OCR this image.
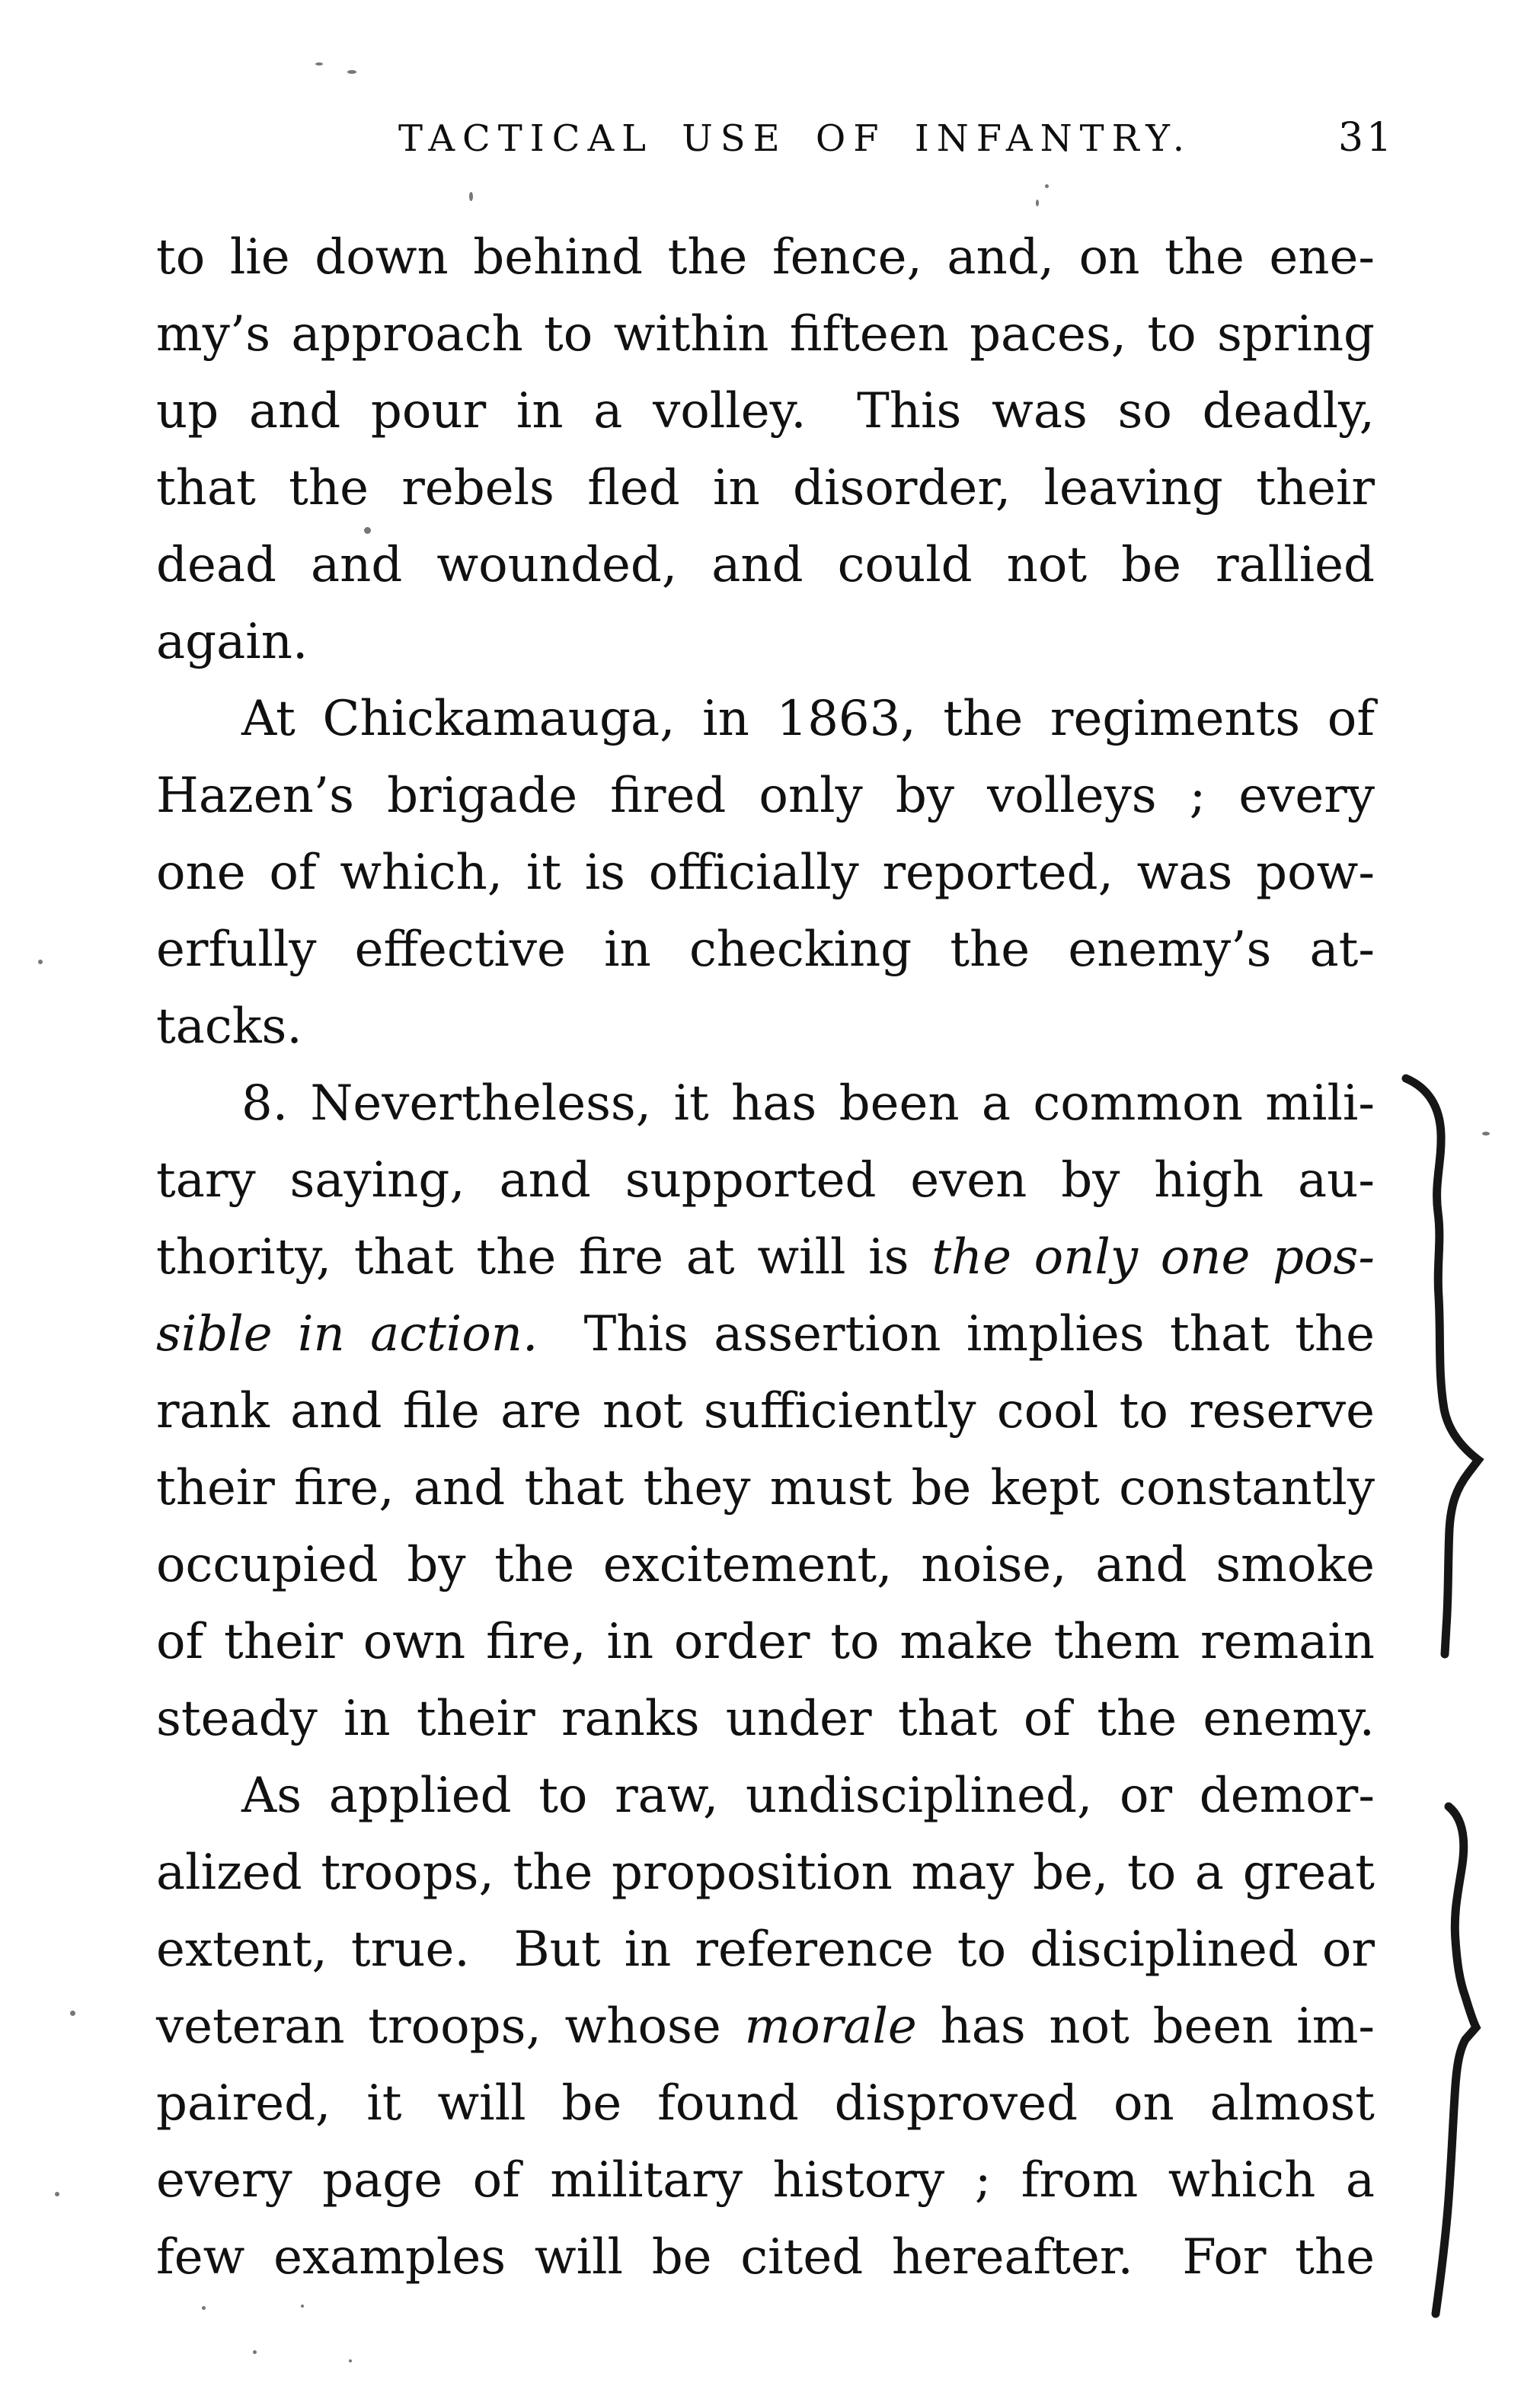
TACTICAL USE OF INFANTRY.	31
to lie down behind the fence, and, on the ene-
my’s approach to within fifteen paces, to spring
up and pour in a volley. This was so deadly,
that the rebels fled in disorder, leaving their
dead and wounded, and could not be rallied
again.
At Chickamauga, in 1863, the regiments of
Hazen’s brigade fired only by volleys ; every
one of which, it is officially reported, was pow-
erfully effective in checking the enemy’s at-
tacks.
8. Nevertheless, it has been a common mili-
tary saying, and supported even by high au-
thority, that the fire at will is the only one pos-
sible in action. This assertion implies that the
rank and file are not sufficiently cool to reserve
their fire, and that they must be kept constantly
occupied by the excitement, noise, and smoke
of their own fire, in order to make them remain
steady in their ranks under that of the enemy.
As applied to raw, undisciplined, or demor-
alized troops, the proposition may be, to a great
extent, true. But in reference to disciplined or
veteran troops, whose morale has not been im-
paired, it will be found disproved on almost
every page of military history ; from which a
few examples will be cited hereafter. For the
